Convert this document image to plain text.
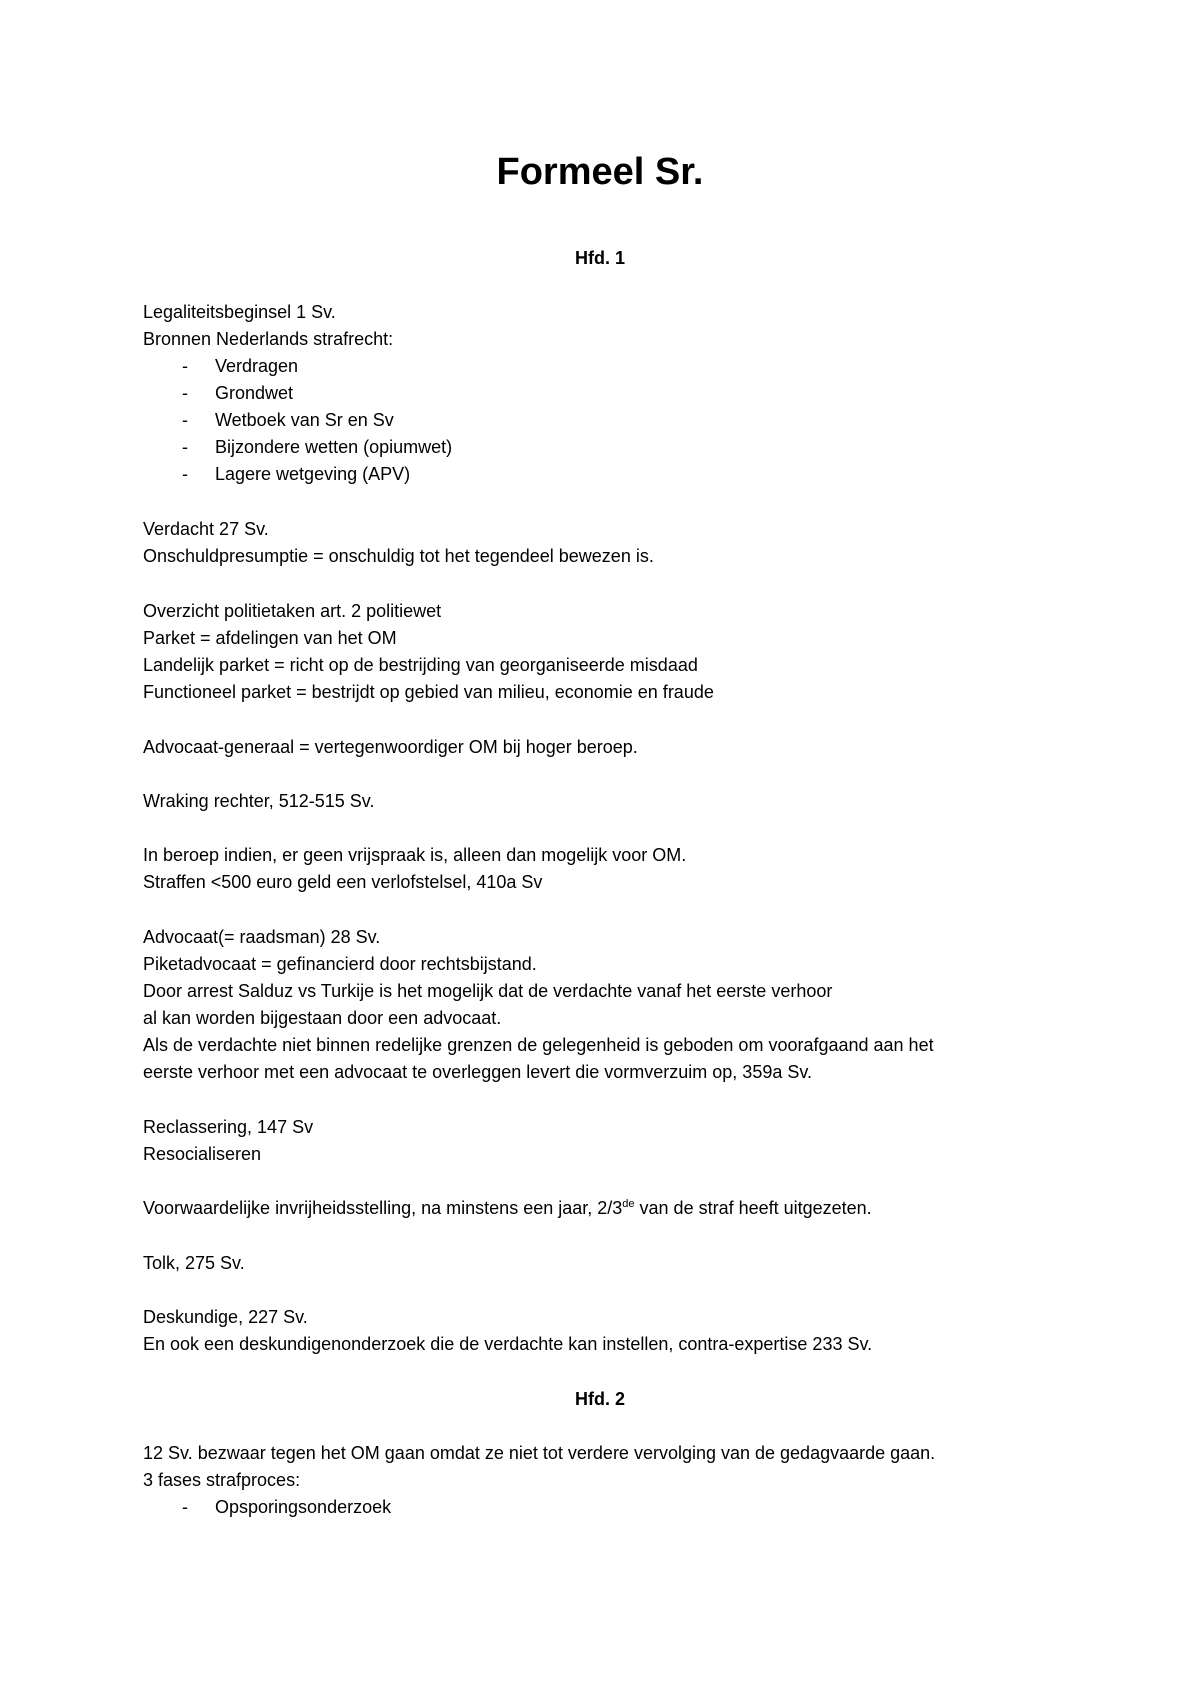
Formeel Sr.
Hfd. 1

Legaliteitsbeginsel 1 Sv.

Bronnen Nederlands strafrecht:

- Verdragen
- Grondwet
- Wetboek van Sr en Sv
- Bijzondere wetten (opiumwet)
- Lagere wetgeving (APV)

Verdacht 27 Sv.

Onschuldpresumptie = onschuldig tot het tegendeel bewezen is.

Overzicht politietaken art. 2 politiewet

Parket = afdelingen van het OM

Landelijk parket = richt op de bestrijding van georganiseerde misdaad

Functioneel parket = bestrijdt op gebied van milieu, economie en fraude

Advocaat-generaal = vertegenwoordiger OM bij hoger beroep.

Wraking rechter, 512-515 Sv.

In beroep indien, er geen vrijspraak is, alleen dan mogelijk voor OM.

Straffen <500 euro geld een verlofstelsel, 410a Sv

Advocaat(= raadsman) 28 Sv.

Piketadvocaat = gefinancierd door rechtsbijstand.

Door arrest Salduz vs Turkije is het mogelijk dat de verdachte vanaf het eerste verhoor

al kan worden bijgestaan door een advocaat.

Als de verdachte niet binnen redelijke grenzen de gelegenheid is geboden om voorafgaand aan het

eerste verhoor met een advocaat te overleggen levert die vormverzuim op, 359a Sv.

Reclassering, 147 Sv

Resocialiseren

Voorwaardelijke invrijheidsstelling, na minstens een jaar, 2/3de van de straf heeft uitgezeten.

Tolk, 275 Sv.

Deskundige, 227 Sv.

En ook een deskundigenonderzoek die de verdachte kan instellen, contra-expertise 233 Sv.

Hfd. 2

12 Sv. bezwaar tegen het OM gaan omdat ze niet tot verdere vervolging van de gedagvaarde gaan.

3 fases strafproces:

- Opsporingsonderzoek
